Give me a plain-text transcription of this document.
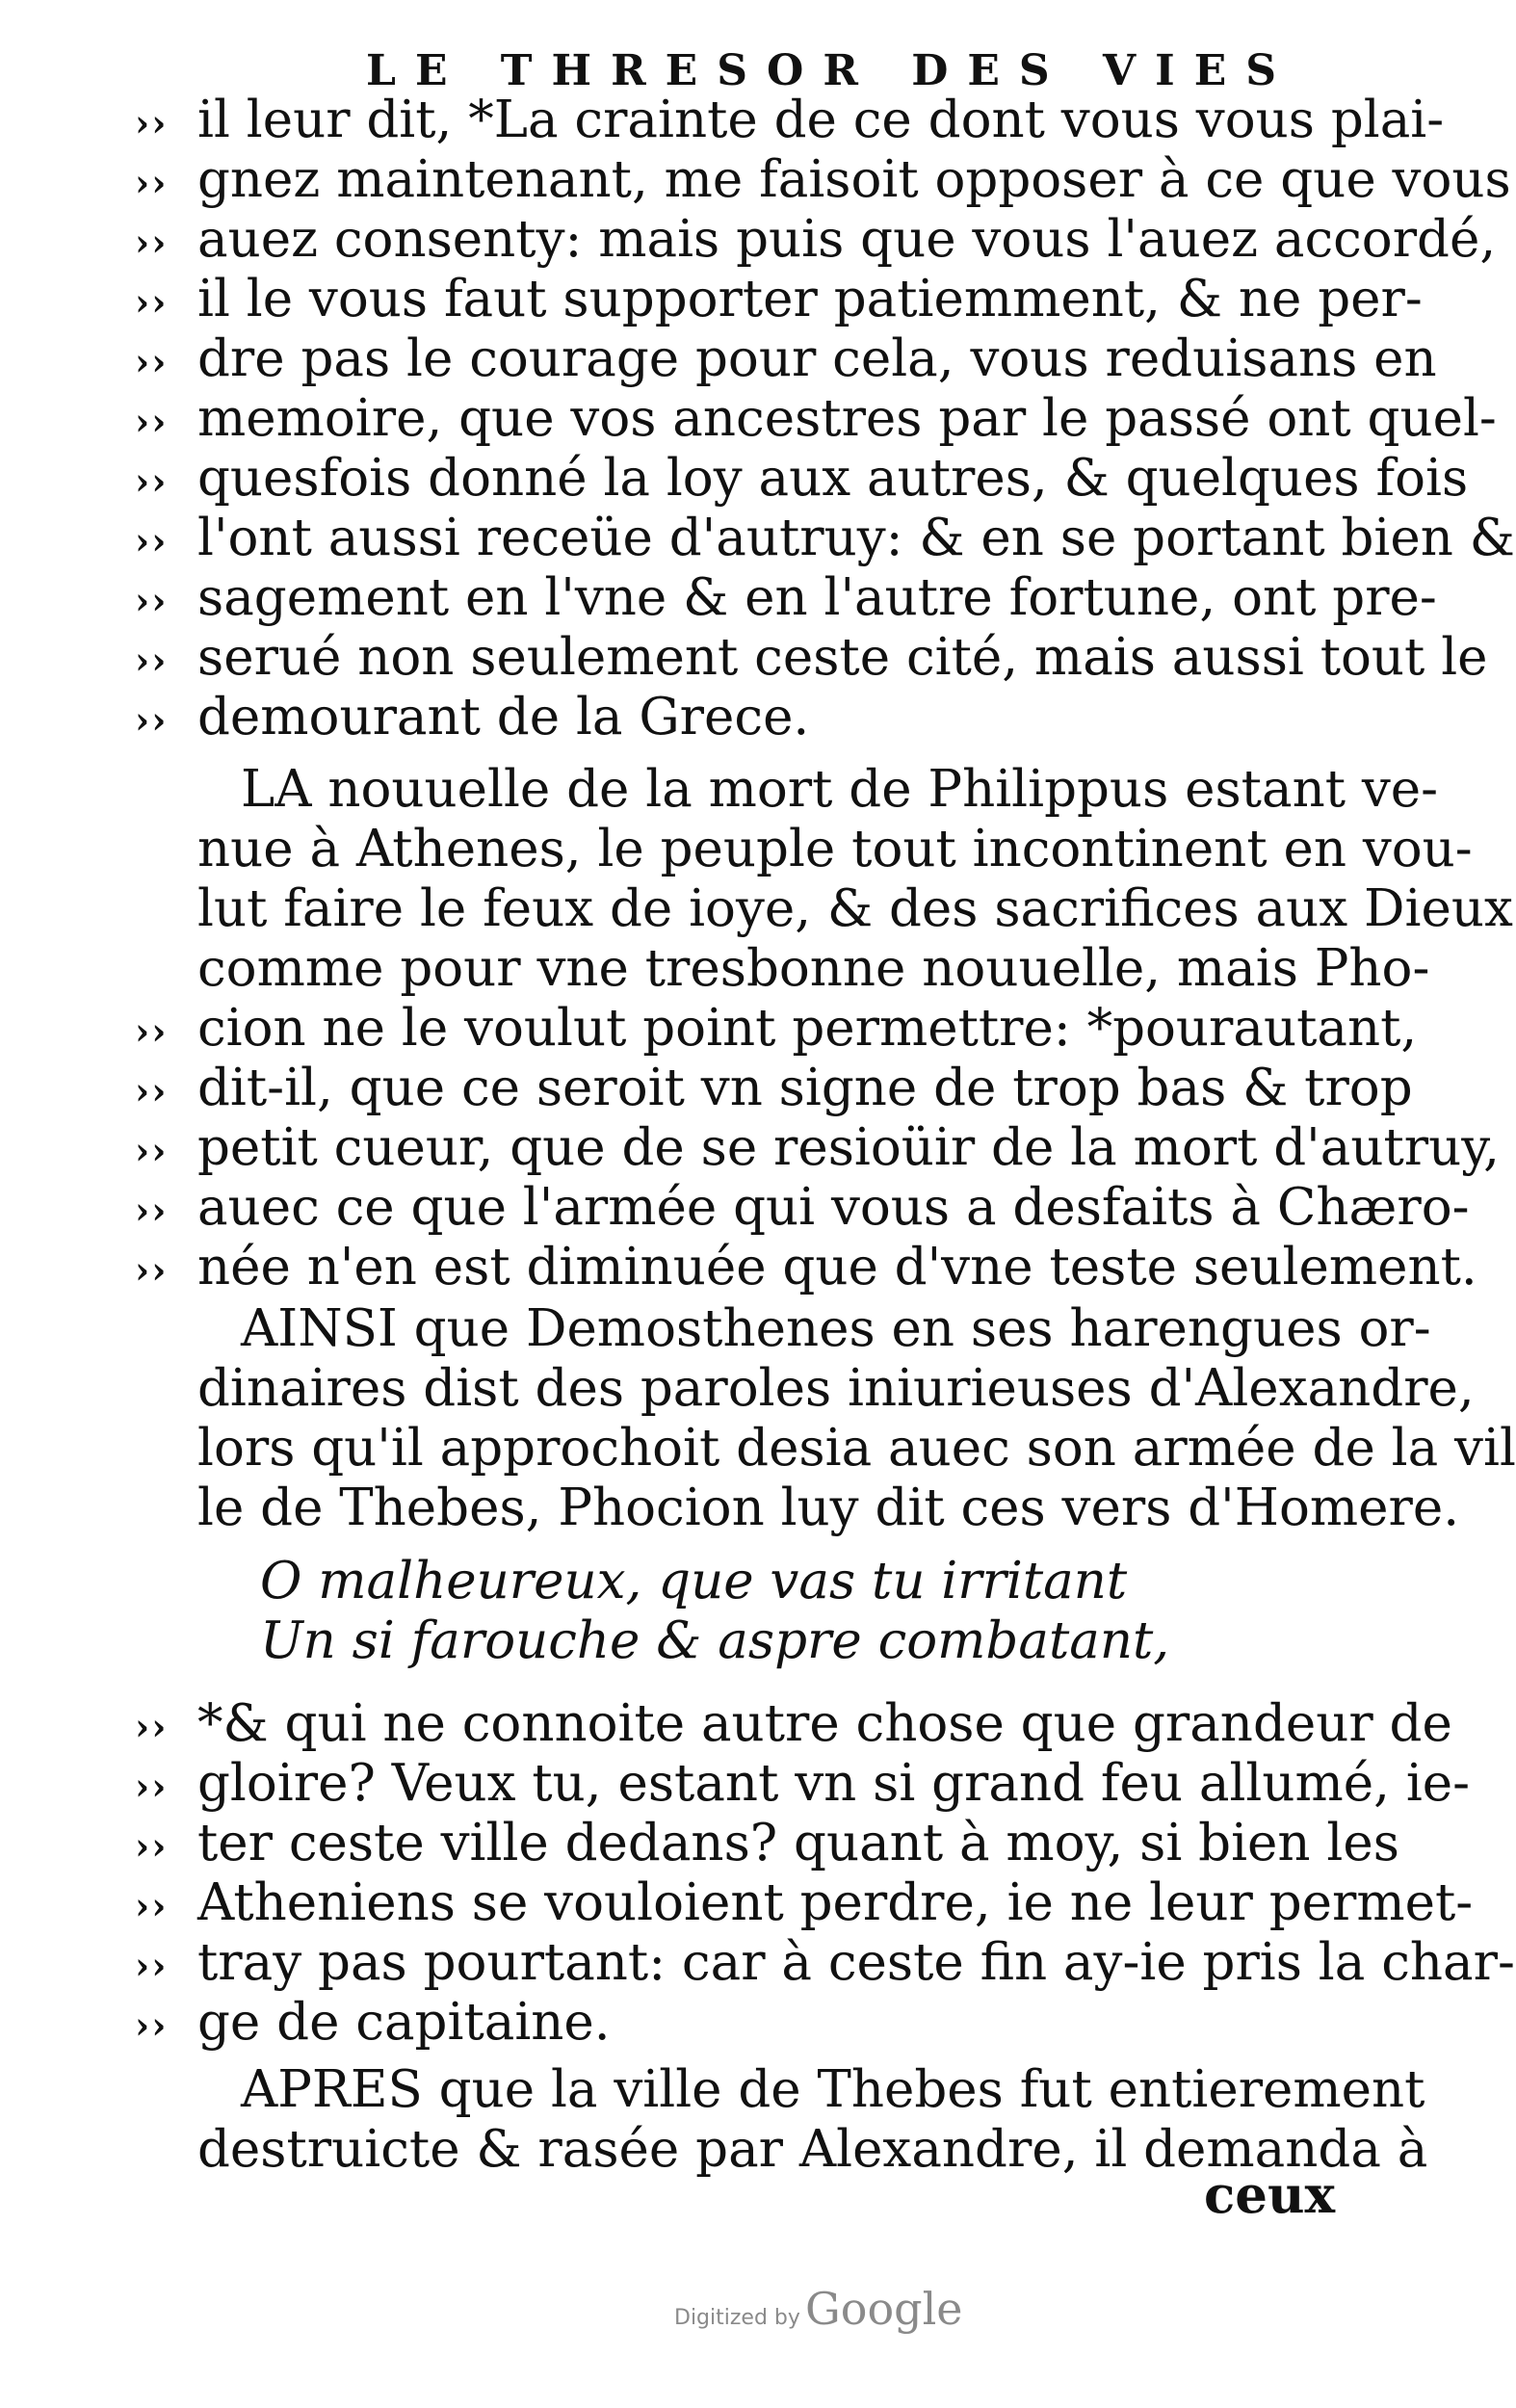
LE THRESOR DES VIES
il leur dit, *La crainte de ce dont vous vous plai-
gnez maintenant, me faisoit opposer à ce que vous
auez consenty: mais puis que vous l'auez accordé,
il le vous faut supporter patiemment, & ne per-
dre pas le courage pour cela, vous reduisans en
memoire, que vos ancestres par le passé ont quel-
quesfois donné la loy aux autres, & quelques fois
l'ont aussi receüe d'autruy: & en se portant bien &
sagement en l'vne & en l'autre fortune, ont pre-
serué non seulement ceste cité, mais aussi tout le
demourant de la Grece.
LA nouuelle de la mort de Philippus estant ve-
nue à Athenes, le peuple tout incontinent en vou-
lut faire le feux de ioye, & des sacrifices aux Dieux
comme pour vne tresbonne nouuelle, mais Pho-
cion ne le voulut point permettre: *pourautant,
dit-il, que ce seroit vn signe de trop bas & trop
petit cueur, que de se resioüir de la mort d'autruy,
auec ce que l'armée qui vous a desfaits à Chæro-
née n'en est diminuée que d'vne teste seulement.
AINSI que Demosthenes en ses harengues or-
dinaires dist des paroles iniurieuses d'Alexandre,
lors qu'il approchoit desia auec son armée de la vil
le de Thebes, Phocion luy dit ces vers d'Homere.
O malheureux, que vas tu irritant
Un si farouche & aspre combatant,
*& qui ne connoite autre chose que grandeur de
gloire? Veux tu, estant vn si grand feu allumé, ie-
ter ceste ville dedans? quant à moy, si bien les
Atheniens se vouloient perdre, ie ne leur permet-
tray pas pourtant: car à ceste fin ay-ie pris la char-
ge de capitaine.
APRES que la ville de Thebes fut entierement
destruicte & rasée par Alexandre, il demanda à
››
››
››
››
››
››
››
››
››
››
››
››
››
››
››
››
››
››
››
››
››
››
ceux
Digitized by Google
